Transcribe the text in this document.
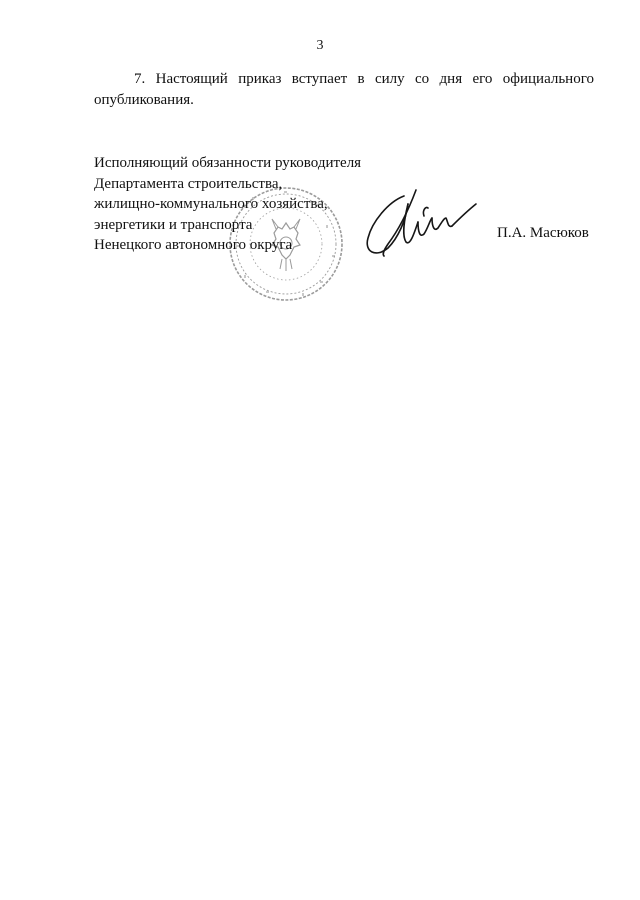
3

7. Настоящий приказ вступает в силу со дня его официального опубликования.

Исполняющий обязанности руководителя
Департамента строительства,
жилищно-коммунального хозяйства,
энергетики и транспорта
Ненецкого автономного округа
П.А. Масюков
